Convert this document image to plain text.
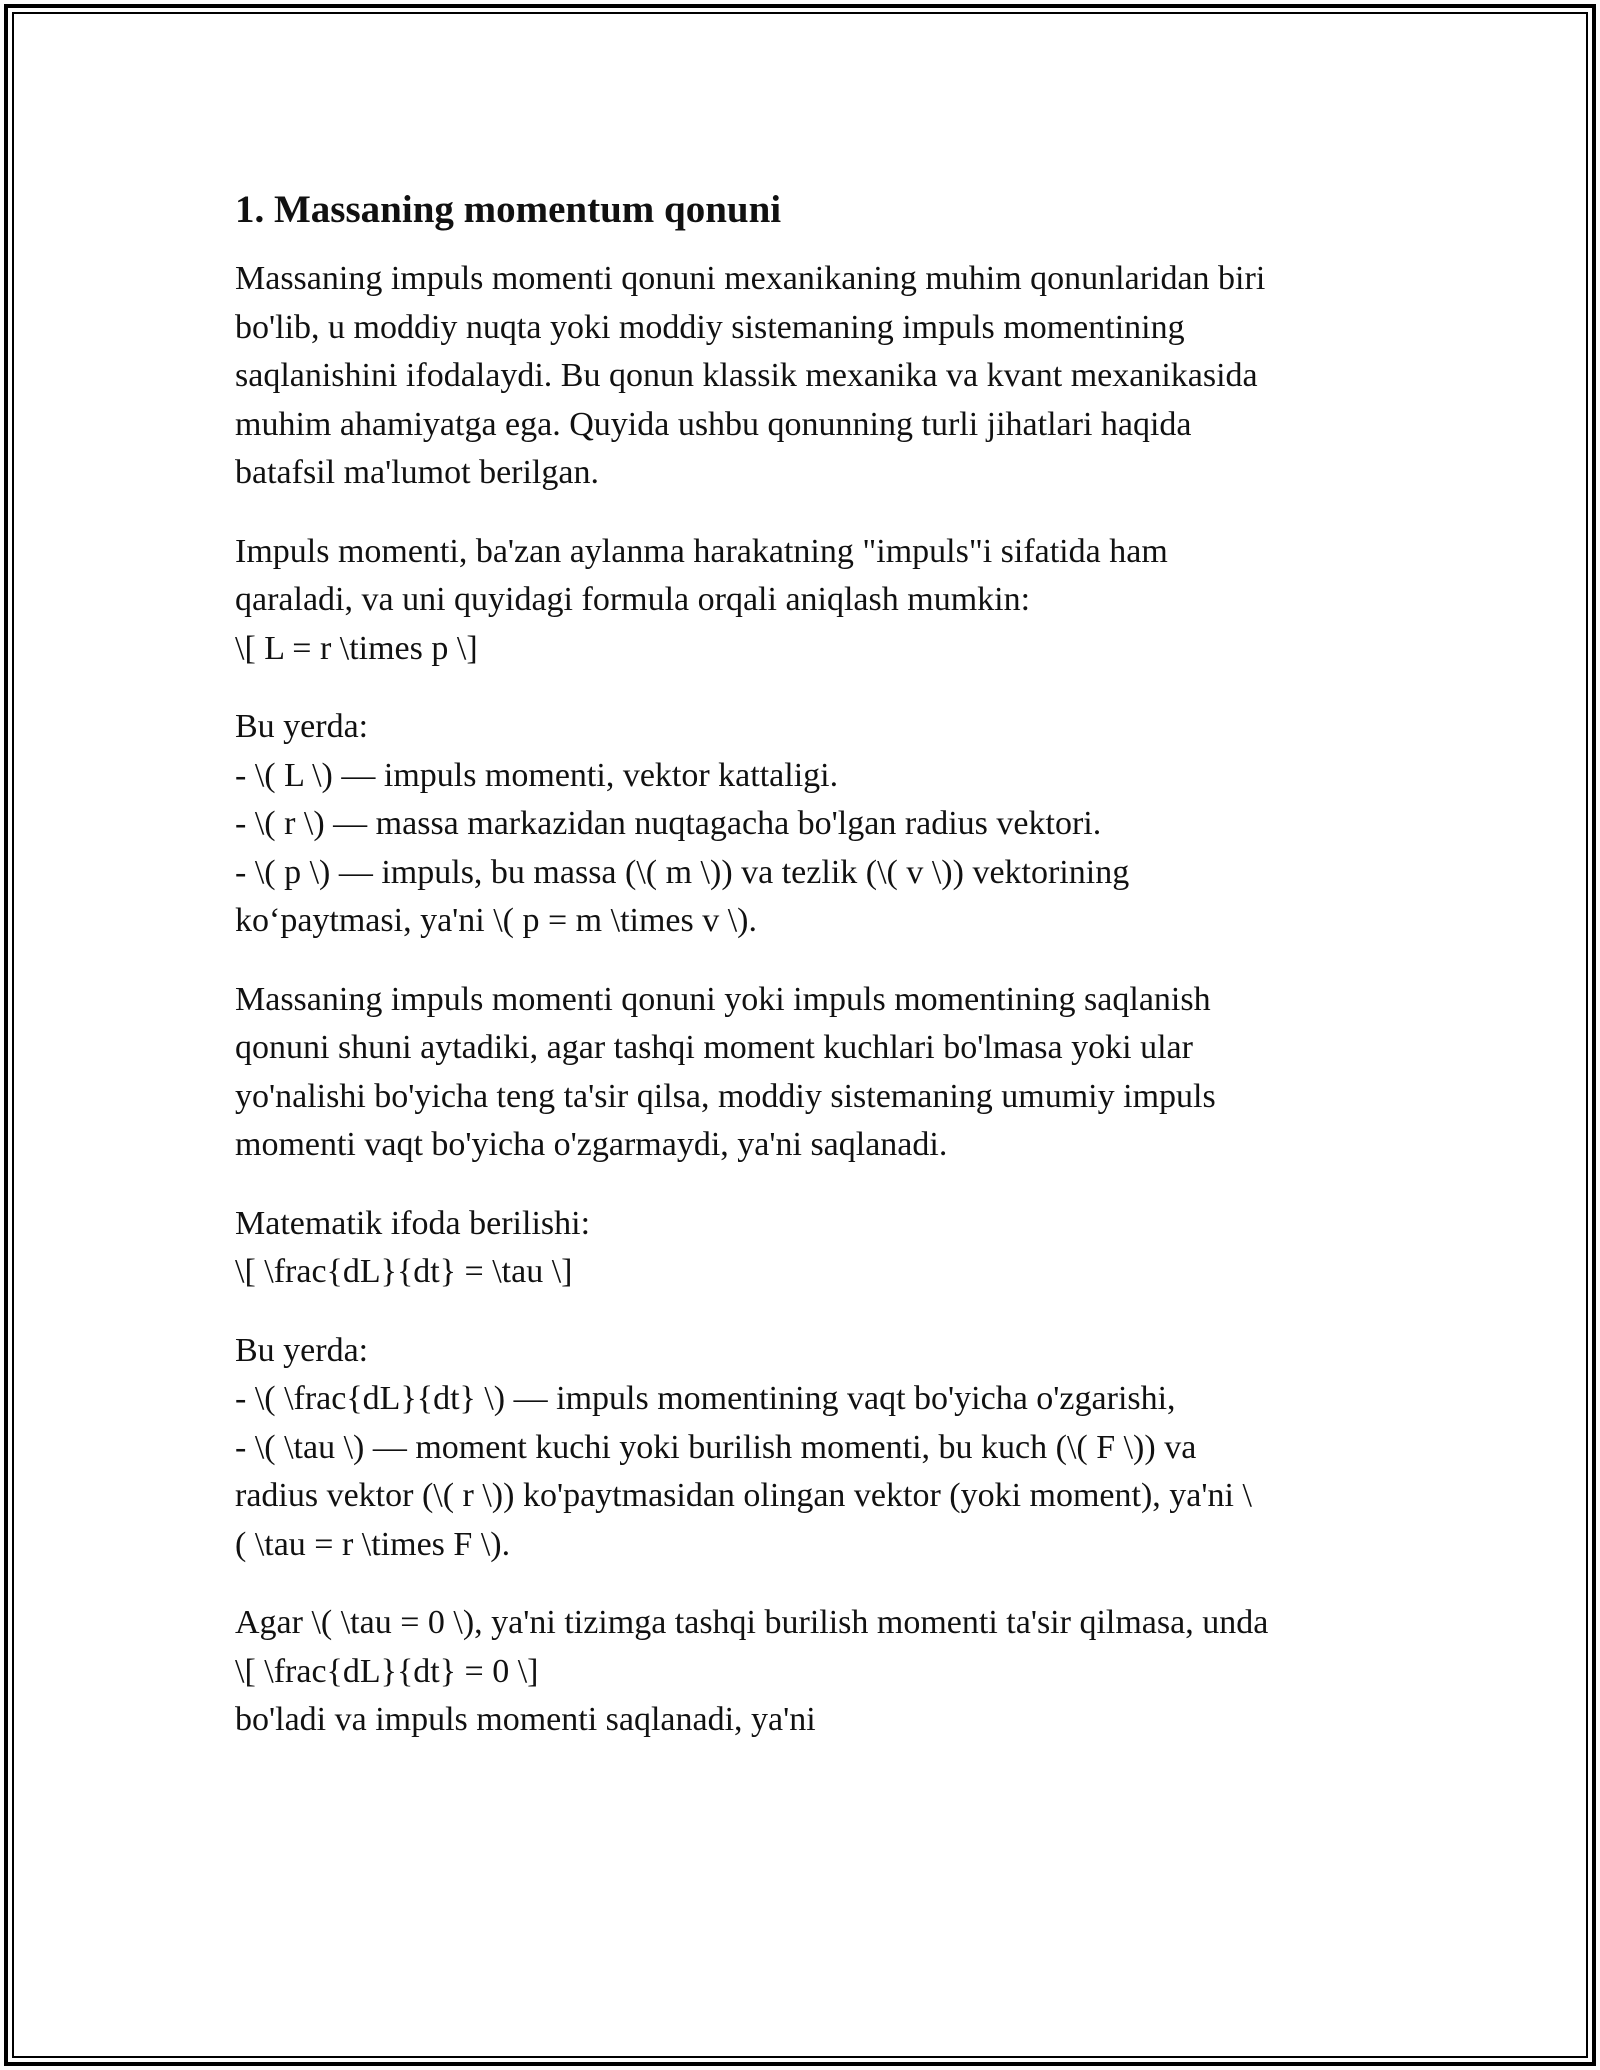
1. Massaning momentum qonuni
Massaning impuls momenti qonuni mexanikaning muhim qonunlaridan biri
bo'lib, u moddiy nuqta yoki moddiy sistemaning impuls momentining
saqlanishini ifodalaydi. Bu qonun klassik mexanika va kvant mexanikasida
muhim ahamiyatga ega. Quyida ushbu qonunning turli jihatlari haqida
batafsil ma'lumot berilgan.
Impuls momenti, ba'zan aylanma harakatning "impuls"i sifatida ham
qaraladi, va uni quyidagi formula orqali aniqlash mumkin:
\[ L = r \times p \]
Bu yerda:
- \( L \) — impuls momenti, vektor kattaligi.
- \( r \) — massa markazidan nuqtagacha bo'lgan radius vektori.
- \( p \) — impuls, bu massa (\( m \)) va tezlik (\( v \)) vektorining
ko‘paytmasi, ya'ni \( p = m \times v \).
Massaning impuls momenti qonuni yoki impuls momentining saqlanish
qonuni shuni aytadiki, agar tashqi moment kuchlari bo'lmasa yoki ular
yo'nalishi bo'yicha teng ta'sir qilsa, moddiy sistemaning umumiy impuls
momenti vaqt bo'yicha o'zgarmaydi, ya'ni saqlanadi.
Matematik ifoda berilishi:
\[ \frac{dL}{dt} = \tau \]
Bu yerda:
- \( \frac{dL}{dt} \) — impuls momentining vaqt bo'yicha o'zgarishi,
- \( \tau \) — moment kuchi yoki burilish momenti, bu kuch (\( F \)) va
radius vektor (\( r \)) ko'paytmasidan olingan vektor (yoki moment), ya'ni \
( \tau = r \times F \).
Agar \( \tau = 0 \), ya'ni tizimga tashqi burilish momenti ta'sir qilmasa, unda
\[ \frac{dL}{dt} = 0 \]
bo'ladi va impuls momenti saqlanadi, ya'ni
